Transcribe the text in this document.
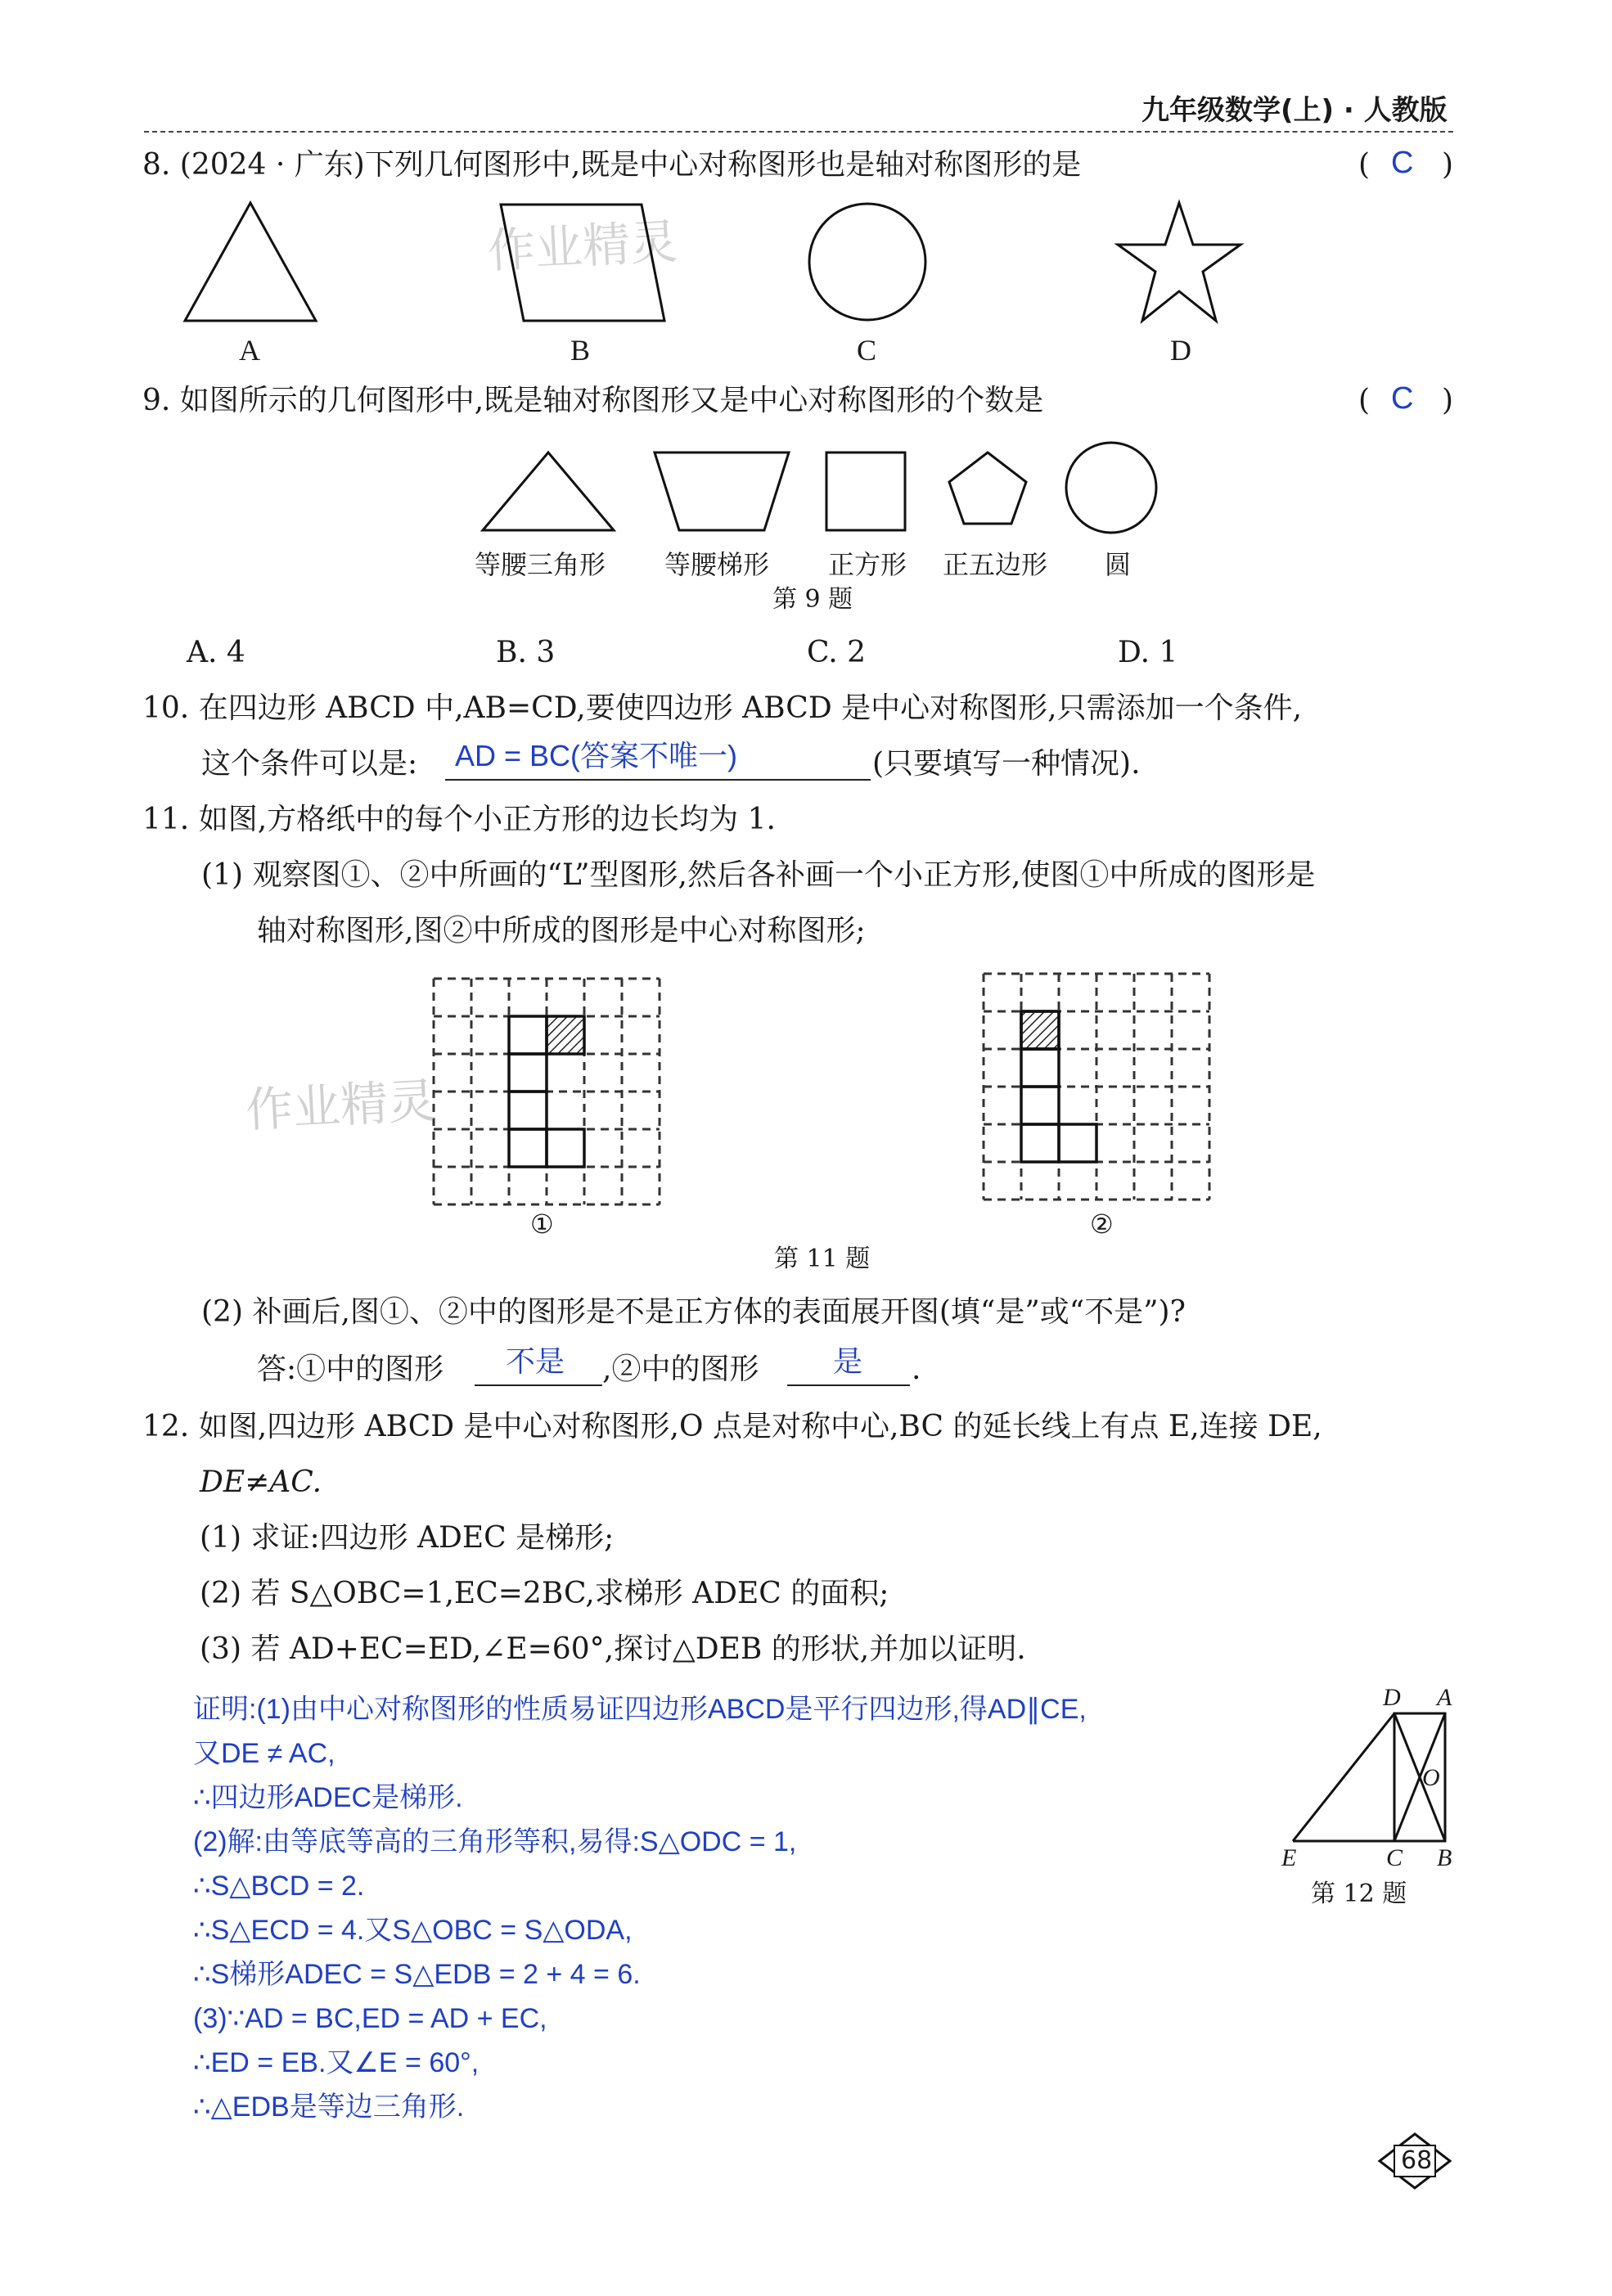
九年级数学(上) · 人教版
8. (2024 · 广东)下列几何图形中,既是中心对称图形也是轴对称图形的是	( C )
作业精灵
A	B	C	D
9. 如图所示的几何图形中,既是轴对称图形又是中心对称图形的个数是	( C )
等腰三角形 等腰梯形 正方形 正五边形 圆
第 9 题
A. 4	B. 3	C. 2	D. 1
10. 在四边形 ABCD 中,AB=CD,要使四边形 ABCD 是中心对称图形,只需添加一个条件,
这个条件可以是: AD = BC(答案不唯一)	(只要填写一种情况).
11. 如图,方格纸中的每个小正方形的边长均为 1.
(1) 观察图①、②中所画的“L”型图形,然后各补画一个小正方形,使图①中所成的图形是
轴对称图形,图②中所成的图形是中心对称图形;
作业精灵
①	②
第 11 题
(2) 补画后,图①、②中的图形是不是正方体的表面展开图(填“是”或“不是”)?
答:①中的图形 不是 ,②中的图形	是 .
12. 如图,四边形 ABCD 是中心对称图形,O 点是对称中心,BC 的延长线上有点 E,连接 DE,
DE≠AC.
(1) 求证:四边形 ADEC 是梯形;
(2) 若 S△OBC=1,EC=2BC,求梯形 ADEC 的面积;
(3) 若 AD+EC=ED,∠E=60°,探讨△DEB 的形状,并加以证明.
D A
O
E	C B
第 12 题
证明:(1)由中心对称图形的性质易证四边形ABCD是平行四边形,得AD∥CE,
又DE ≠ AC,
∴四边形ADEC是梯形.
(2)解:由等底等高的三角形等积,易得:S△ODC = 1,
∴S△BCD = 2.
∴S△ECD = 4.又S△OBC = S△ODA,
∴S梯形ADEC = S△EDB = 2 + 4 = 6.
(3)∵AD = BC,ED = AD + EC,
∴ED = EB.又∠E = 60°,
∴△EDB是等边三角形.
68
